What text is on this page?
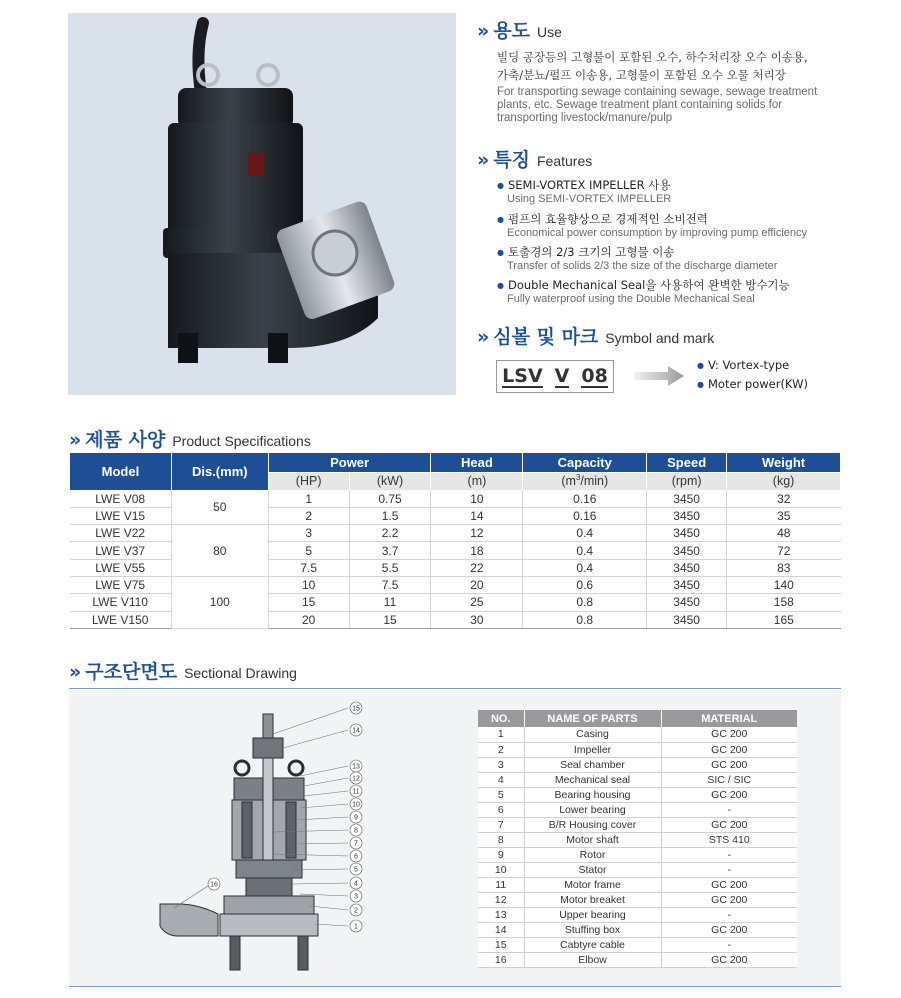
» 용도 Use
빌딩 공장등의 고형물이 포함된 오수, 하수처리장 오수 이송용,
가축/분뇨/펄프 이송용, 고형물이 포함된 오수 오물 처리장
For transporting sewage containing sewage, sewage treatment
plants, etc. Sewage treatment plant containing solids for
transporting livestock/manure/pulp
» 특징 Features
● SEMI-VORTEX IMPELLER 사용
Using SEMI-VORTEX IMPELLER
● 펌프의 효율향상으로 경제적인 소비전력
Economical power consumption by improving pump efficiency
● 토출경의 2/3 크기의 고형물 이송
Transfer of solids 2/3 the size of the discharge diameter
● Double Mechanical Seal을 사용하여 완벽한 방수기능
Fully waterproof using the Double Mechanical Seal
» 심볼 및 마크 Symbol and mark
LSV V 08	● V: Vortex-type
● Moter power(KW)
» 제품 사양 Product Specifications
Model	Dis.(mm)	Power		Head	Capacity	Speed	Weight
		(HP)	(kW)	(m)	$(m^3/\min)$	(rpm)	(kg)
LWE V08	50	1	0.75	10	0.16	3450	32
LWE V15		2	1.5	14	0.16	3450	35
LWE V22	80	3	2.2	12	0.4	3450	48
LWE V37		5	3.7	18	0.4	3450	72
LWE V55		7.5	5.5	22	0.4	3450	83
LWE V75	100	10	7.5	20	0.6	3450	140
LWE V110		15	11	25	0.8	3450	158
LWE V150		20	15	30	0.8	3450	165
» 구조단면도 Sectional Drawing
15
14
13
12
11
10
9
8
7
6
5
4
3
2
1
16
NO.	NAME OF PARTS	MATERIAL
1	Casing	GC 200
2	Impeller	GC 200
3	Seal chamber	GC 200
4	Mechanical seal	SIC / SIC
5	Bearing housing	GC 200
6	Lower bearing	-
7	B/R Housing cover	GC 200
8	Motor shaft	STS 410
9	Rotor	-
10	Stator	-
11	Motor frame	GC 200
12	Motor breaket	GC 200
13	Upper bearing	-
14	Stuffing box	GC 200
15	Cabtyre cable	-
16	Elbow	GC 200
